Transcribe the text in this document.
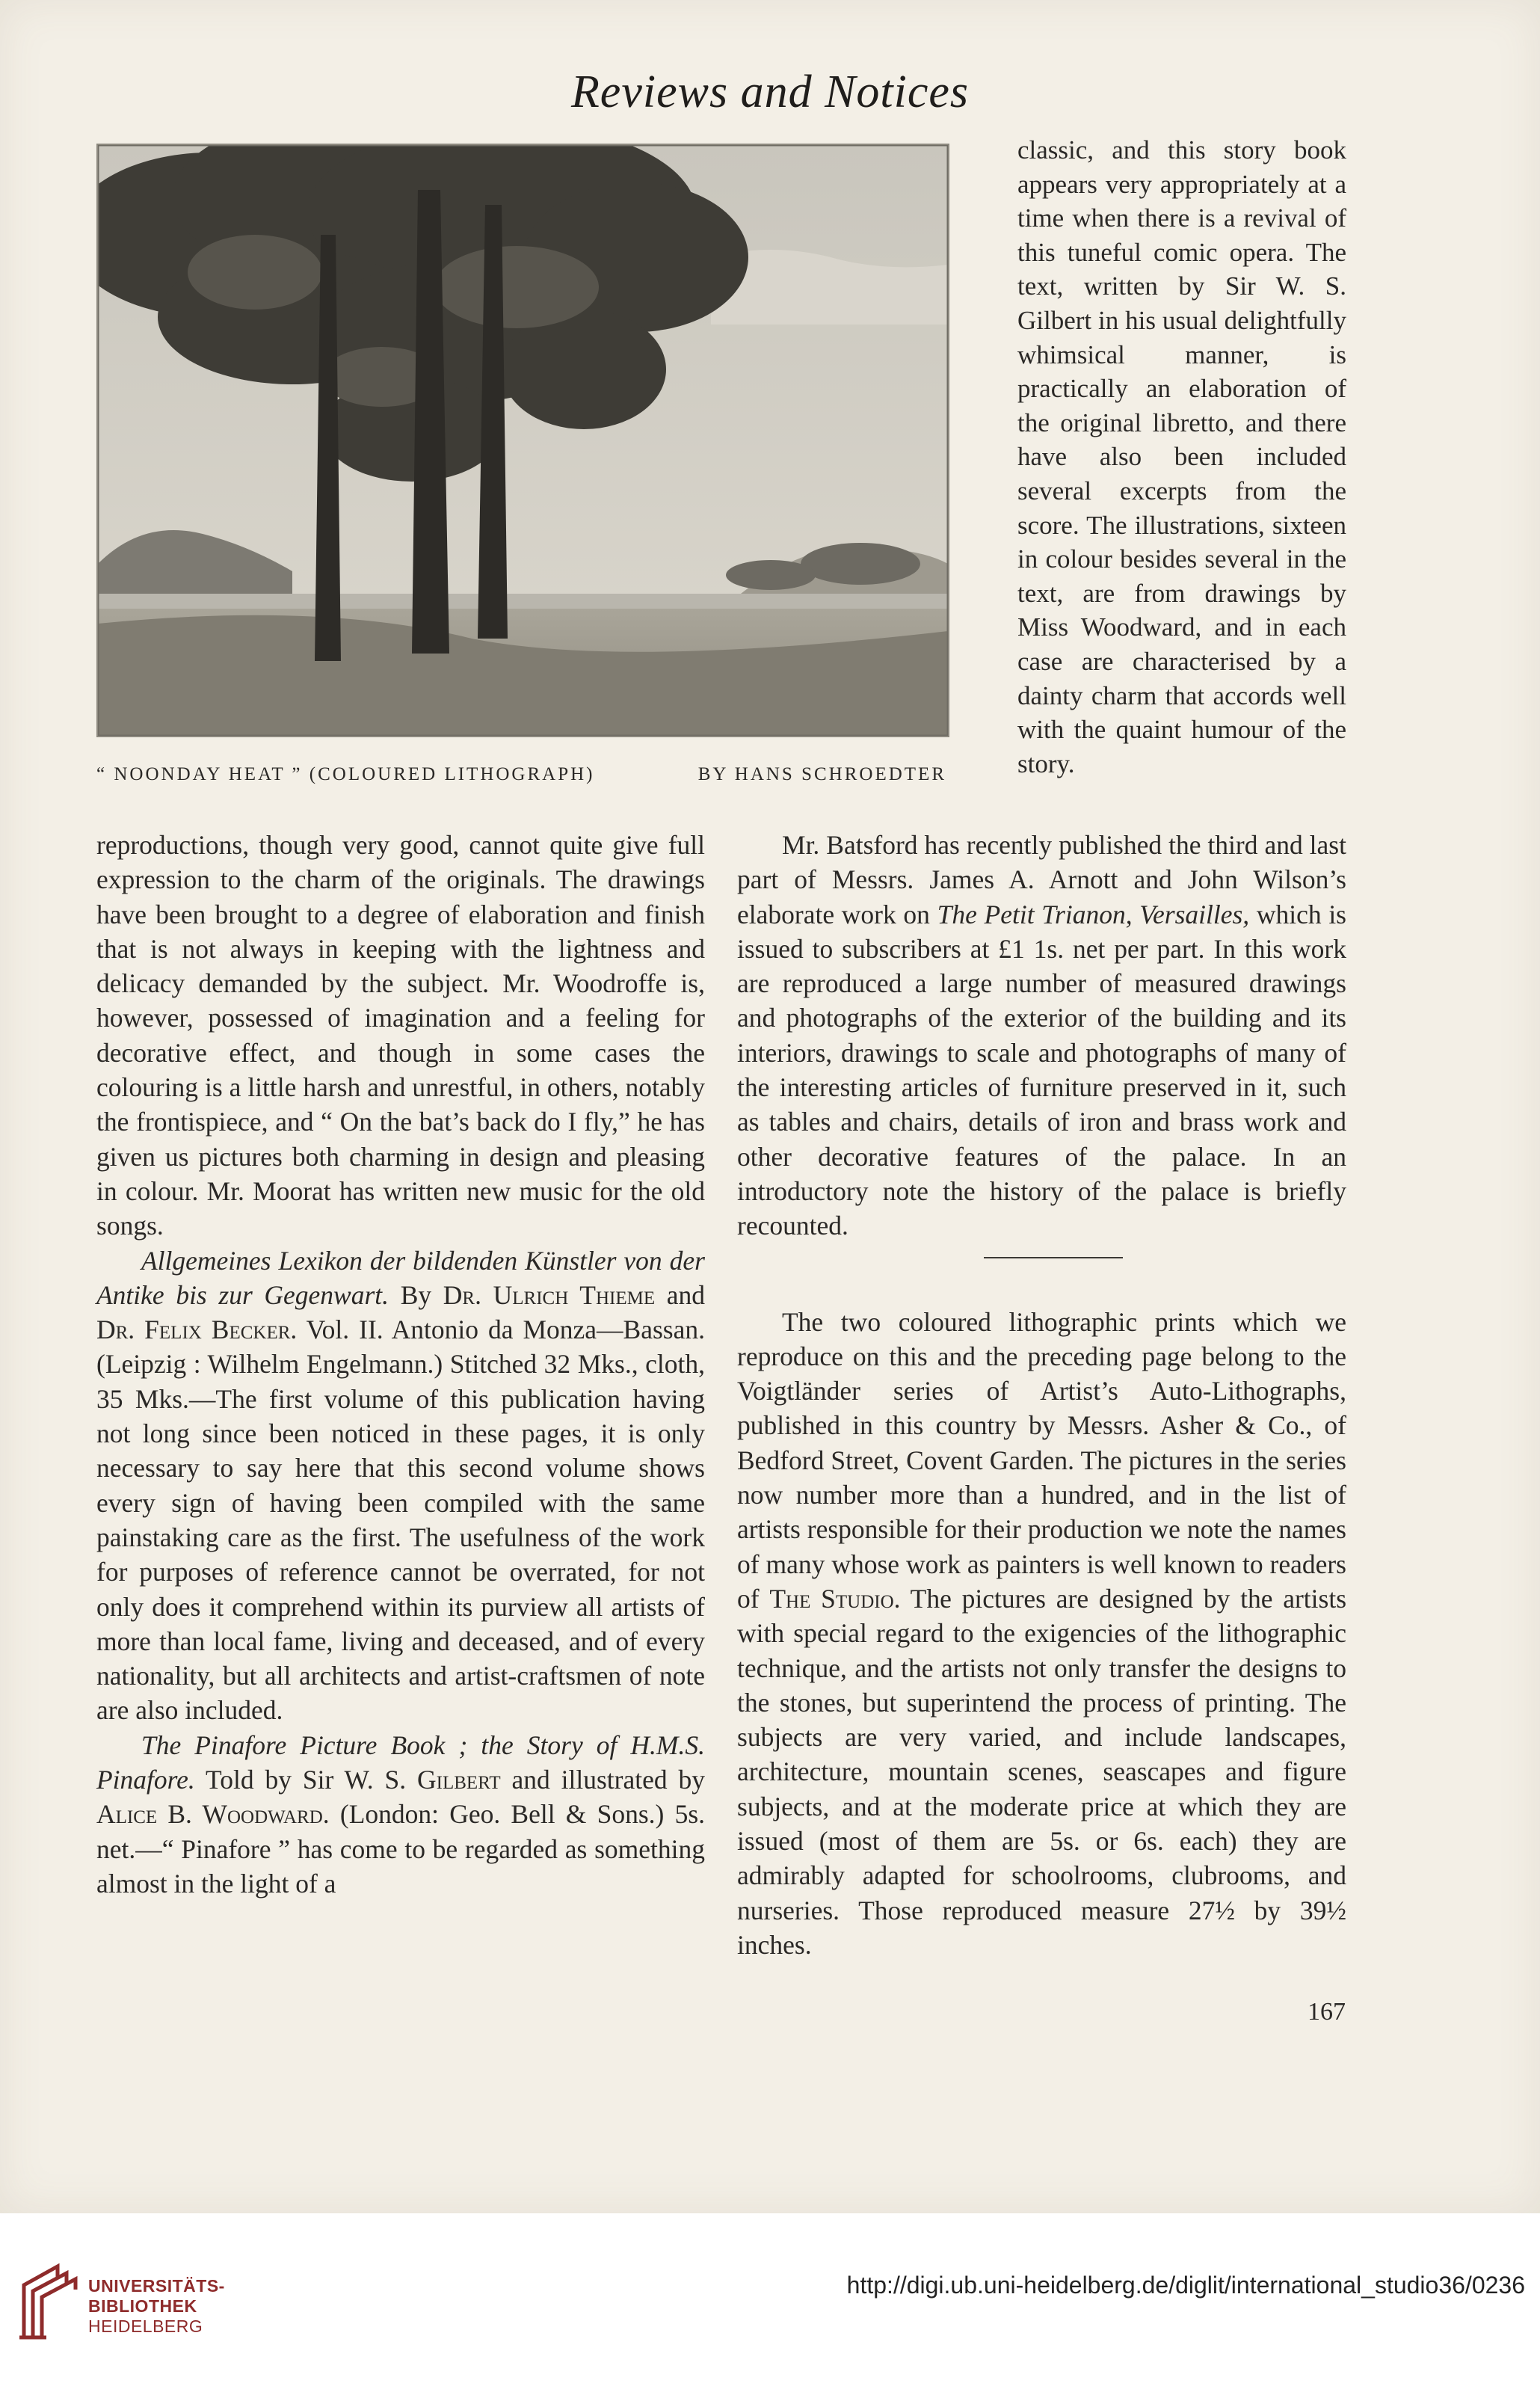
Reviews and Notices
“ NOONDAY HEAT ” (COLOURED LITHOGRAPH)	BY HANS SCHROEDTER

classic, and this story book appears very appropriately at a time when there is a revival of this tuneful comic opera. The text, written by Sir W. S. Gilbert in his usual delightfully whimsical manner, is practically an elaboration of the original libretto, and there have also been included several excerpts from the score. The illustrations, sixteen in colour besides several in the text, are from drawings by Miss Woodward, and in each case are characterised by a dainty charm that accords well with the quaint humour of the story.

reproductions, though very good, cannot quite give full expression to the charm of the originals. The drawings have been brought to a degree of elaboration and finish that is not always in keeping with the lightness and delicacy demanded by the subject. Mr. Woodroffe is, however, possessed of imagination and a feeling for decorative effect, and though in some cases the colouring is a little harsh and unrestful, in others, notably the frontispiece, and “ On the bat’s back do I fly,” he has given us pictures both charming in design and pleasing in colour. Mr. Moorat has written new music for the old songs.

Allgemeines Lexikon der bildenden Künstler von der Antike bis zur Gegenwart. By Dr. Ulrich Thieme and Dr. Felix Becker. Vol. II. Antonio da Monza—Bassan. (Leipzig : Wilhelm Engelmann.) Stitched 32 Mks., cloth, 35 Mks.—The first volume of this publication having not long since been noticed in these pages, it is only necessary to say here that this second volume shows every sign of having been compiled with the same painstaking care as the first. The usefulness of the work for purposes of reference cannot be overrated, for not only does it comprehend within its purview all artists of more than local fame, living and deceased, and of every nationality, but all architects and artist-craftsmen of note are also included.

The Pinafore Picture Book ; the Story of H.M.S. Pinafore. Told by Sir W. S. Gilbert and illustrated by Alice B. Woodward. (London: Geo. Bell & Sons.) 5s. net.—“ Pinafore ” has come to be regarded as something almost in the light of a

Mr. Batsford has recently published the third and last part of Messrs. James A. Arnott and John Wilson’s elaborate work on The Petit Trianon, Versailles, which is issued to subscribers at £1 1s. net per part. In this work are reproduced a large number of measured drawings and photographs of the exterior of the building and its interiors, drawings to scale and photographs of many of the interesting articles of furniture preserved in it, such as tables and chairs, details of iron and brass work and other decorative features of the palace. In an introductory note the history of the palace is briefly recounted.

The two coloured lithographic prints which we reproduce on this and the preceding page belong to the Voigtländer series of Artist’s Auto-Lithographs, published in this country by Messrs. Asher & Co., of Bedford Street, Covent Garden. The pictures in the series now number more than a hundred, and in the list of artists responsible for their production we note the names of many whose work as painters is well known to readers of The Studio. The pictures are designed by the artists with special regard to the exigencies of the lithographic technique, and the artists not only transfer the designs to the stones, but superintend the process of printing. The subjects are very varied, and include landscapes, architecture, mountain scenes, seascapes and figure subjects, and at the moderate price at which they are issued (most of them are 5s. or 6s. each) they are admirably adapted for schoolrooms, clubrooms, and nurseries. Those reproduced measure 27½ by 39½ inches.

167
UNIVERSITÄTS-
BIBLIOTHEK
HEIDELBERG
http://digi.ub.uni-heidelberg.de/diglit/international_studio36/0236
